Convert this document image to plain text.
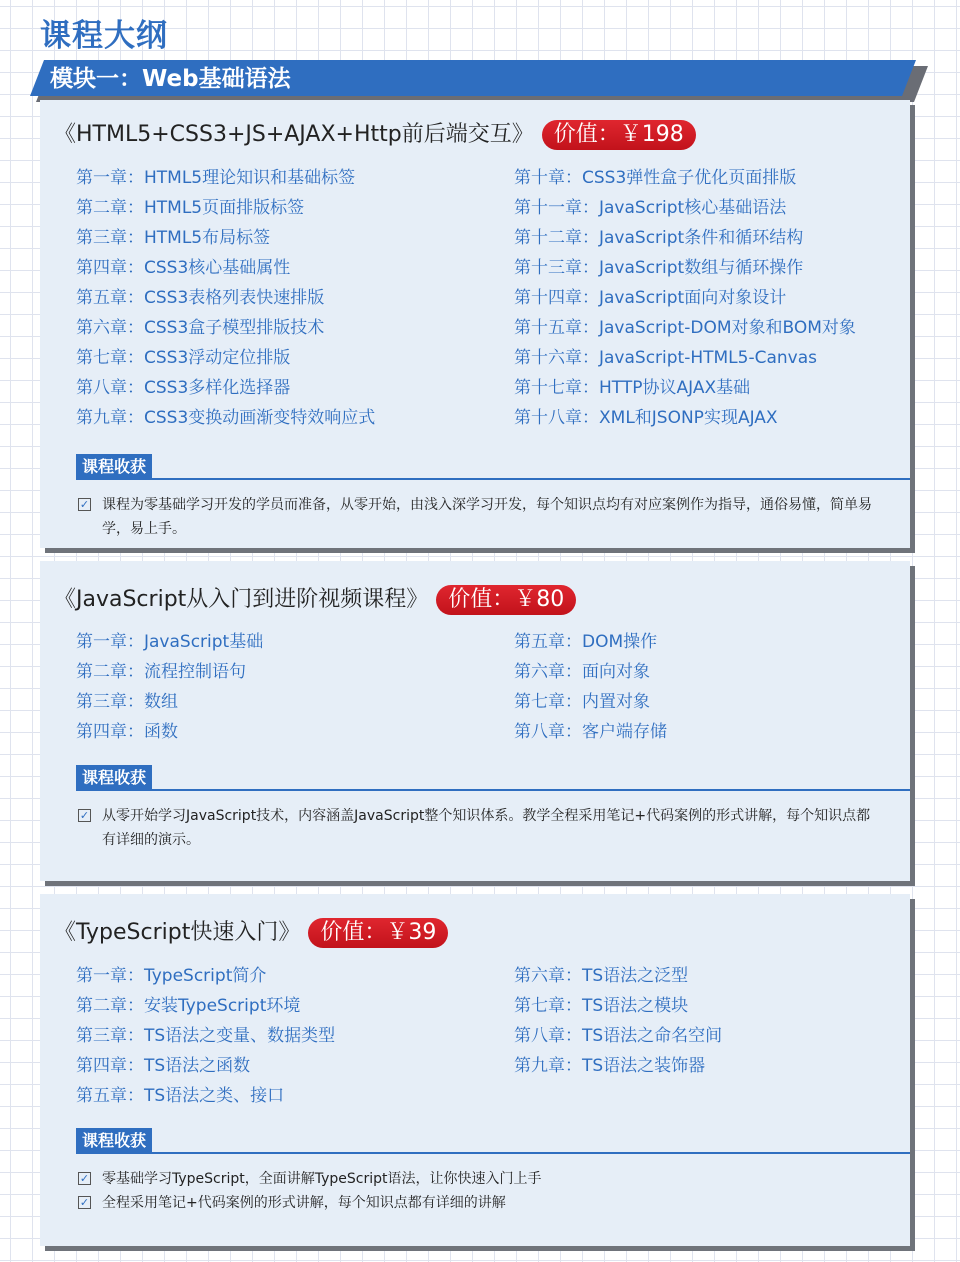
课程大纲
模块一：Web基础语法
《HTML5+CSS3+JS+AJAX+Http前后端交互》 价值：￥198
第一章：HTML5理论知识和基础标签
第二章：HTML5页面排版标签
第三章：HTML5布局标签
第四章：CSS3核心基础属性
第五章：CSS3表格列表快速排版
第六章：CSS3盒子模型排版技术
第七章：CSS3浮动定位排版
第八章：CSS3多样化选择器
第九章：CSS3变换动画渐变特效响应式
第十章：CSS3弹性盒子优化页面排版
第十一章：JavaScript核心基础语法
第十二章：JavaScript条件和循环结构
第十三章：JavaScript数组与循环操作
第十四章：JavaScript面向对象设计
第十五章：JavaScript-DOM对象和BOM对象
第十六章：JavaScript-HTML5-Canvas
第十七章：HTTP协议AJAX基础
第十八章：XML和JSONP实现AJAX
课程收获
✓ 课程为零基础学习开发的学员而准备，从零开始，由浅入深学习开发，每个知识点均有对应案例作为指导，通俗易懂，简单易学，易上手。
《JavaScript从入门到进阶视频课程》 价值：￥80
第一章：JavaScript基础
第二章：流程控制语句
第三章：数组
第四章：函数
第五章：DOM操作
第六章：面向对象
第七章：内置对象
第八章：客户端存储
课程收获
✓ 从零开始学习JavaScript技术，内容涵盖JavaScript整个知识体系。教学全程采用笔记+代码案例的形式讲解，每个知识点都有详细的演示。
《TypeScript快速入门》 价值：￥39
第一章：TypeScript简介
第二章：安装TypeScript环境
第三章：TS语法之变量、数据类型
第四章：TS语法之函数
第五章：TS语法之类、接口
第六章：TS语法之泛型
第七章：TS语法之模块
第八章：TS语法之命名空间
第九章：TS语法之装饰器
课程收获
✓ 零基础学习TypeScript，全面讲解TypeScript语法，让你快速入门上手
✓ 全程采用笔记+代码案例的形式讲解，每个知识点都有详细的讲解
